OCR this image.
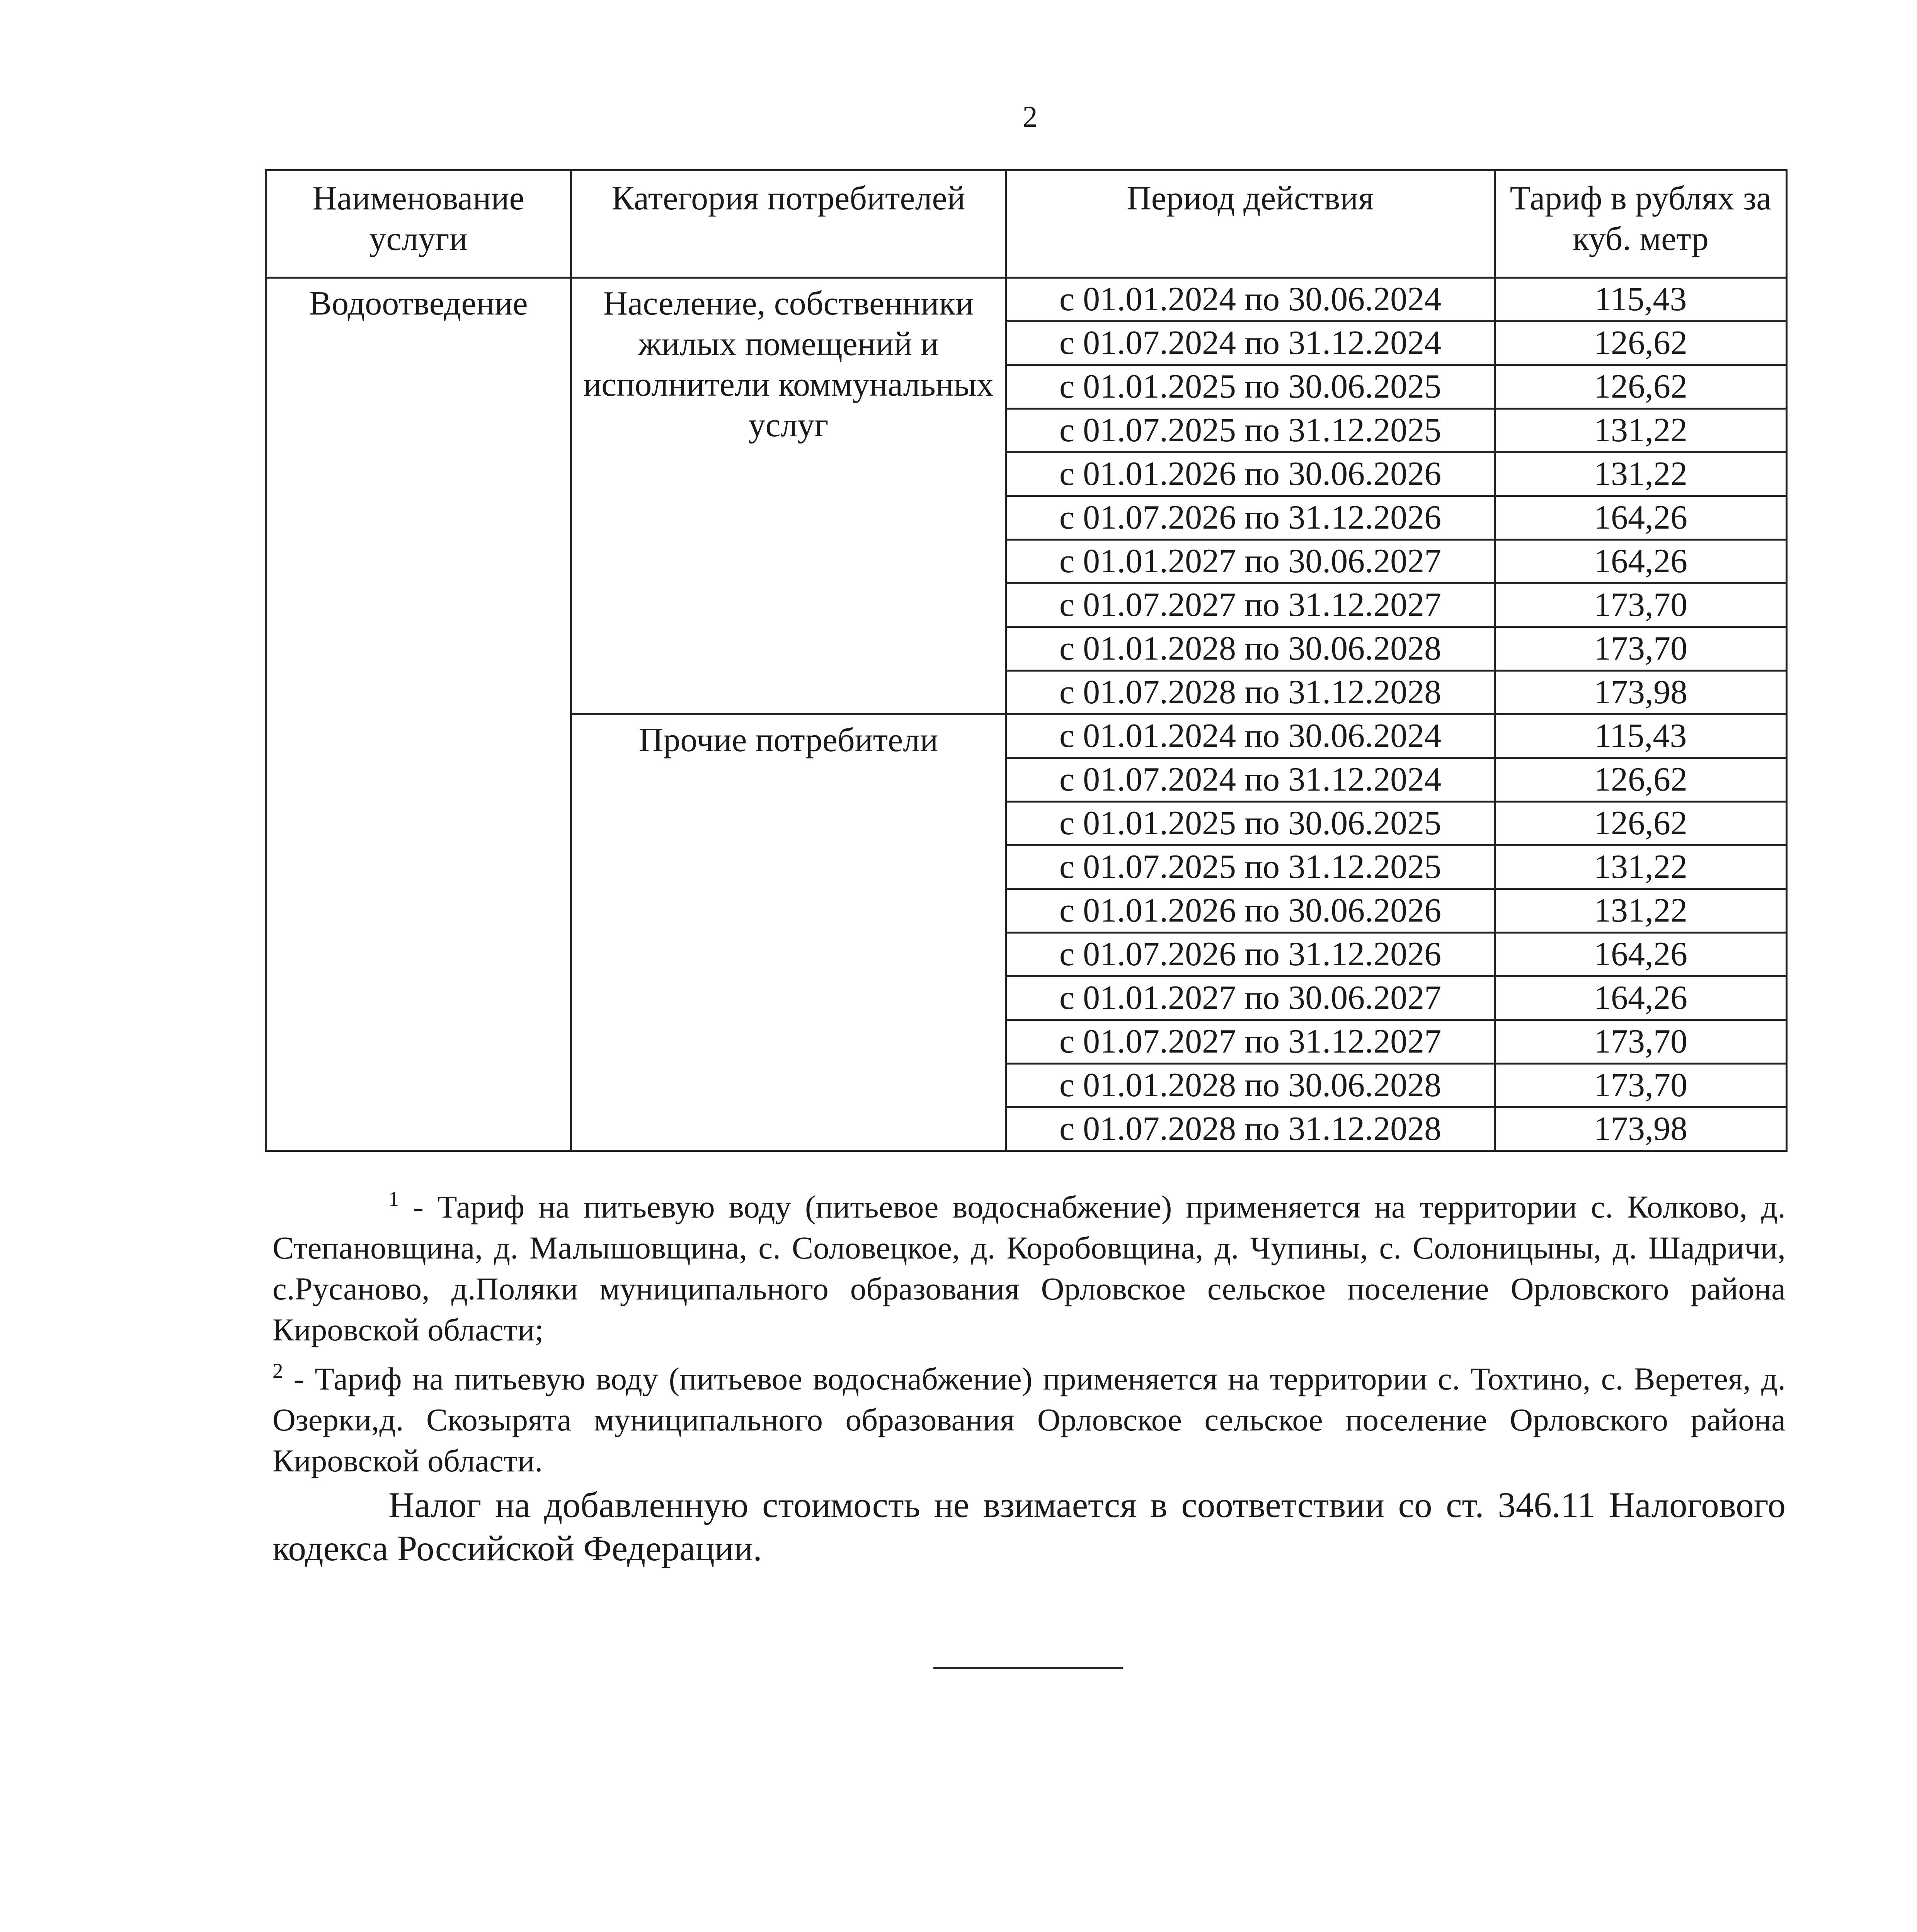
2
Наименование услуги	Категория потребителей	Период действия	Тариф в рублях за куб. метр
Водоотведение	Население, собственники жилых помещений и исполнители коммунальных услуг	с 01.01.2024 по 30.06.2024	115,43
		с 01.07.2024 по 31.12.2024	126,62
		с 01.01.2025 по 30.06.2025	126,62
		с 01.07.2025 по 31.12.2025	131,22
		с 01.01.2026 по 30.06.2026	131,22
		с 01.07.2026 по 31.12.2026	164,26
		с 01.01.2027 по 30.06.2027	164,26
		с 01.07.2027 по 31.12.2027	173,70
		с 01.01.2028 по 30.06.2028	173,70
		с 01.07.2028 по 31.12.2028	173,98
	Прочие потребители	с 01.01.2024 по 30.06.2024	115,43
		с 01.07.2024 по 31.12.2024	126,62
		с 01.01.2025 по 30.06.2025	126,62
		с 01.07.2025 по 31.12.2025	131,22
		с 01.01.2026 по 30.06.2026	131,22
		с 01.07.2026 по 31.12.2026	164,26
		с 01.01.2027 по 30.06.2027	164,26
		с 01.07.2027 по 31.12.2027	173,70
		с 01.01.2028 по 30.06.2028	173,70
		с 01.07.2028 по 31.12.2028	173,98
$^1$ - Тариф на питьевую воду (питьевое водоснабжение) применяется на территории с. Колково, д. Степановщина, д. Малышовщина, с. Соловецкое, д. Коробовщина, д. Чупины, с. Солоницыны, д. Шадричи, с.Русаново, д.Поляки муниципального образования Орловское сельское поселение Орловского района Кировской области;
$^2$ - Тариф на питьевую воду (питьевое водоснабжение) применяется на территории с. Тохтино, с. Веретея, д. Озерки,д. Скозырята муниципального образования Орловское сельское поселение Орловского района Кировской области.
Налог на добавленную стоимость не взимается в соответствии со ст. 346.11 Налогового кодекса Российской Федерации.
